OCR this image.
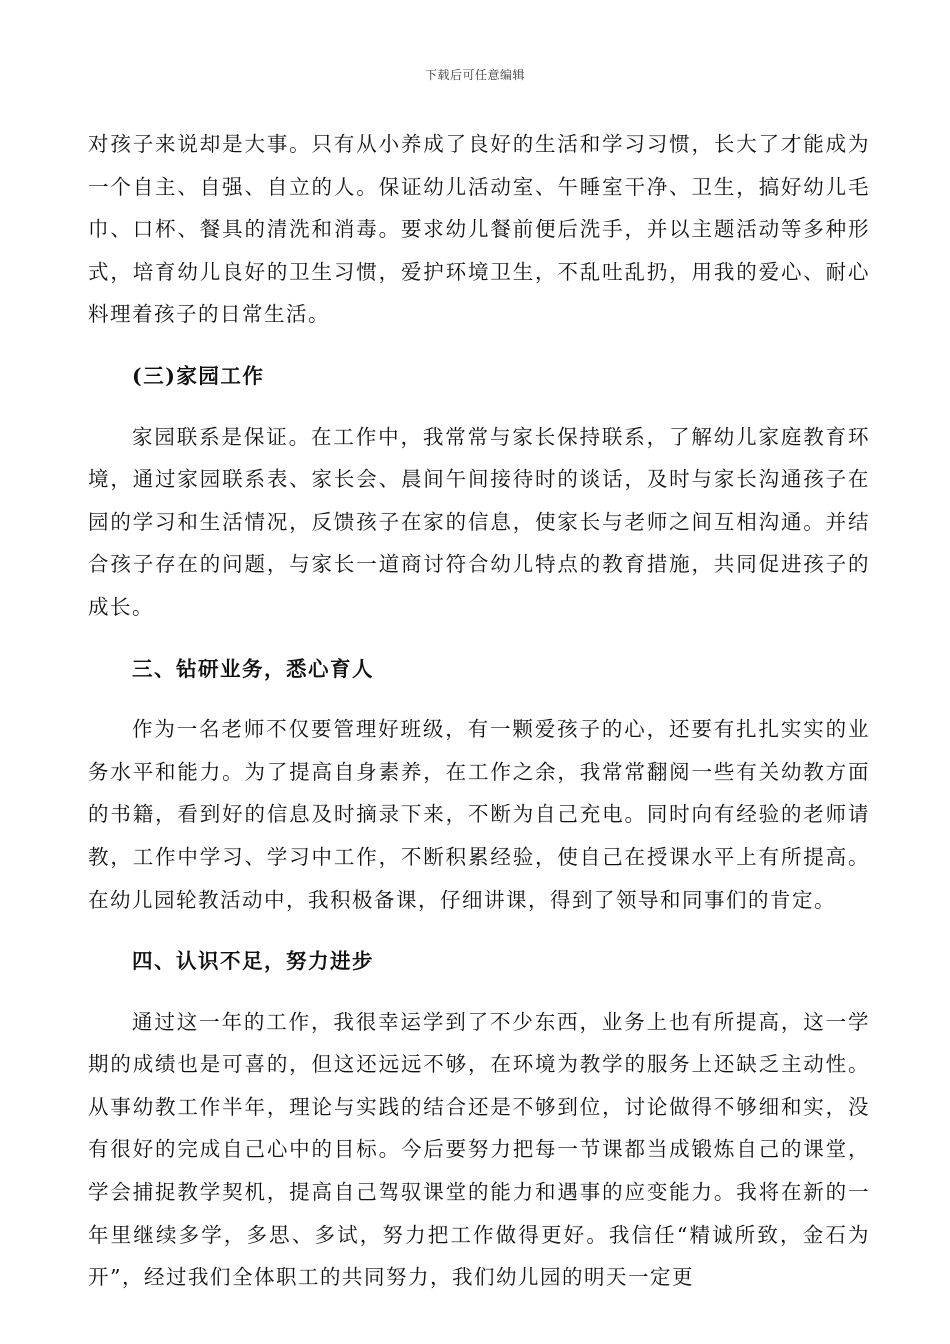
下载后可任意编辑

对孩子来说却是大事。只有从小养成了良好的生活和学习习惯，长大了才能成为一个自主、自强、自立的人。保证幼儿活动室、午睡室干净、卫生，搞好幼儿毛巾、口杯、餐具的清洗和消毒。要求幼儿餐前便后洗手，并以主题活动等多种形式，培育幼儿良好的卫生习惯，爱护环境卫生，不乱吐乱扔，用我的爱心、耐心料理着孩子的日常生活。

(三)家园工作

家园联系是保证。在工作中，我常常与家长保持联系，了解幼儿家庭教育环境，通过家园联系表、家长会、晨间午间接待时的谈话，及时与家长沟通孩子在园的学习和生活情况，反馈孩子在家的信息，使家长与老师之间互相沟通。并结合孩子存在的问题，与家长一道商讨符合幼儿特点的教育措施，共同促进孩子的成长。

三、钻研业务，悉心育人

作为一名老师不仅要管理好班级，有一颗爱孩子的心，还要有扎扎实实的业务水平和能力。为了提高自身素养，在工作之余，我常常翻阅一些有关幼教方面的书籍，看到好的信息及时摘录下来，不断为自己充电。同时向有经验的老师请教，工作中学习、学习中工作，不断积累经验，使自己在授课水平上有所提高。在幼儿园轮教活动中，我积极备课，仔细讲课，得到了领导和同事们的肯定。

四、认识不足，努力进步

通过这一年的工作，我很幸运学到了不少东西，业务上也有所提高，这一学期的成绩也是可喜的，但这还远远不够，在环境为教学的服务上还缺乏主动性。从事幼教工作半年，理论与实践的结合还是不够到位，讨论做得不够细和实，没有很好的完成自己心中的目标。今后要努力把每一节课都当成锻炼自己的课堂，学会捕捉教学契机，提高自己驾驭课堂的能力和遇事的应变能力。我将在新的一年里继续多学，多思、多试，努力把工作做得更好。我信任“精诚所致，金石为开”，经过我们全体职工的共同努力，我们幼儿园的明天一定更
